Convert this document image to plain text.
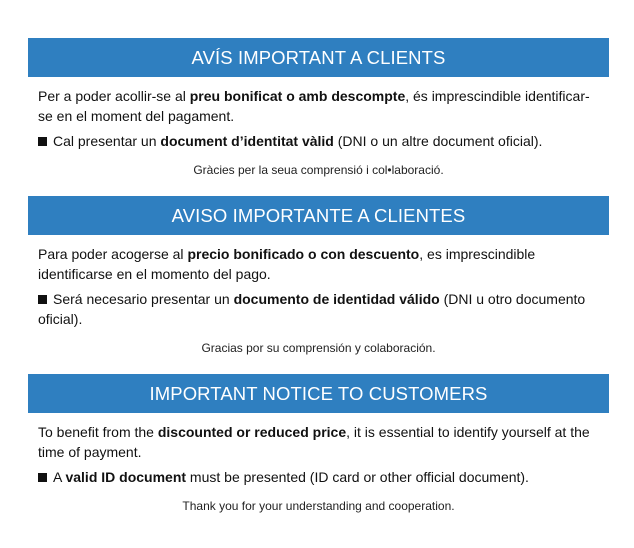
AVÍS IMPORTANT A CLIENTS
Per a poder acollir-se al preu bonificat o amb descompte, és imprescindible identificar-se en el moment del pagament.
Cal presentar un document d’identitat vàlid (DNI o un altre document oficial).
Gràcies per la seua comprensió i col•laboració.
AVISO IMPORTANTE A CLIENTES
Para poder acogerse al precio bonificado o con descuento, es imprescindible identificarse en el momento del pago.
Será necesario presentar un documento de identidad válido (DNI u otro documento oficial).
Gracias por su comprensión y colaboración.
IMPORTANT NOTICE TO CUSTOMERS
To benefit from the discounted or reduced price, it is essential to identify yourself at the time of payment.
A valid ID document must be presented (ID card or other official document).
Thank you for your understanding and cooperation.
